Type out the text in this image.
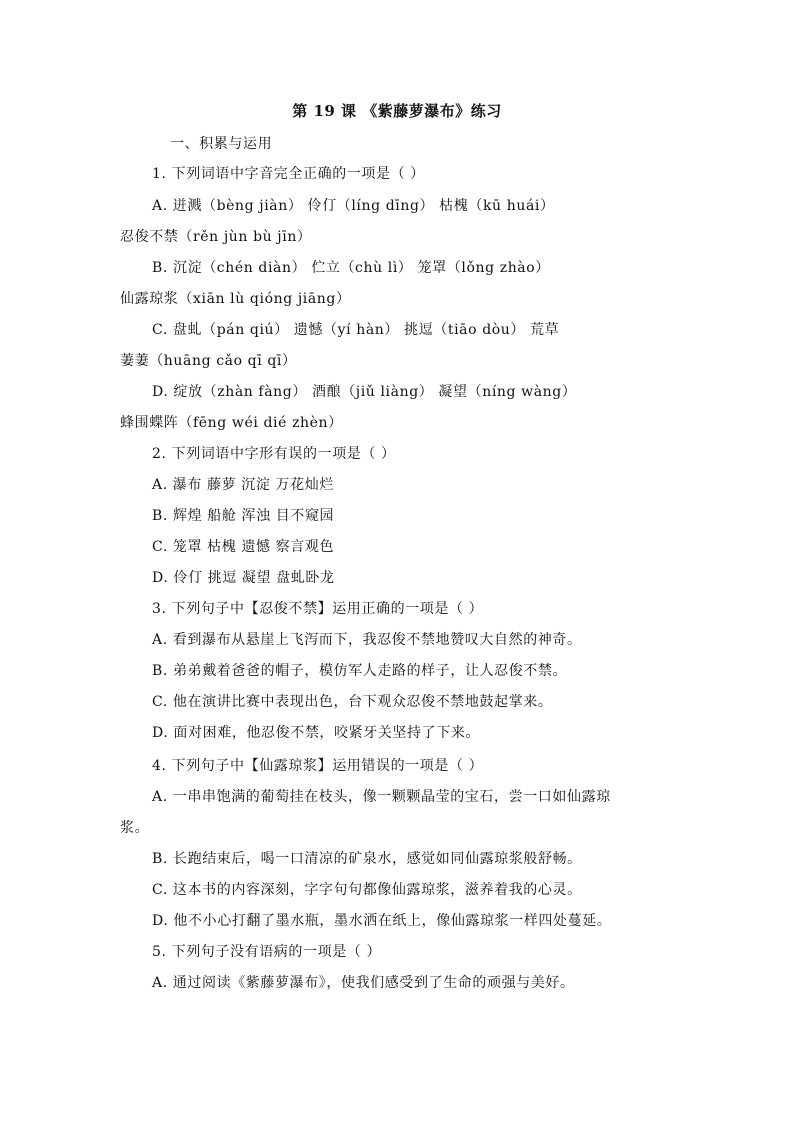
第 19 课 《紫藤萝瀑布》练习
一、积累与运用
1. 下列词语中字音完全正确的一项是（ ）
A. 迸溅（bèng jiàn） 伶仃（líng dīng） 枯槐（kū huái）
忍俊不禁（rěn jùn bù jīn）
B. 沉淀（chén diàn） 伫立（chù lì） 笼罩（lǒng zhào）
仙露琼浆（xiān lù qióng jiāng）
C. 盘虬（pán qiú） 遗憾（yí hàn） 挑逗（tiāo dòu） 荒草
萋萋（huāng cǎo qī qī）
D. 绽放（zhàn fàng） 酒酿（jiǔ liàng） 凝望（níng wàng）
蜂围蝶阵（fēng wéi dié zhèn）
2. 下列词语中字形有误的一项是（ ）
A. 瀑布 藤萝 沉淀 万花灿烂
B. 辉煌 船舱 浑浊 目不窥园
C. 笼罩 枯槐 遗憾 察言观色
D. 伶仃 挑逗 凝望 盘虬卧龙
3. 下列句子中【忍俊不禁】运用正确的一项是（ ）
A. 看到瀑布从悬崖上飞泻而下，我忍俊不禁地赞叹大自然的神奇。
B. 弟弟戴着爸爸的帽子，模仿军人走路的样子，让人忍俊不禁。
C. 他在演讲比赛中表现出色，台下观众忍俊不禁地鼓起掌来。
D. 面对困难，他忍俊不禁，咬紧牙关坚持了下来。
4. 下列句子中【仙露琼浆】运用错误的一项是（ ）
A. 一串串饱满的葡萄挂在枝头，像一颗颗晶莹的宝石，尝一口如仙露琼
浆。
B. 长跑结束后，喝一口清凉的矿泉水，感觉如同仙露琼浆般舒畅。
C. 这本书的内容深刻，字字句句都像仙露琼浆，滋养着我的心灵。
D. 他不小心打翻了墨水瓶，墨水洒在纸上，像仙露琼浆一样四处蔓延。
5. 下列句子没有语病的一项是（ ）
A. 通过阅读《紫藤萝瀑布》，使我们感受到了生命的顽强与美好。
